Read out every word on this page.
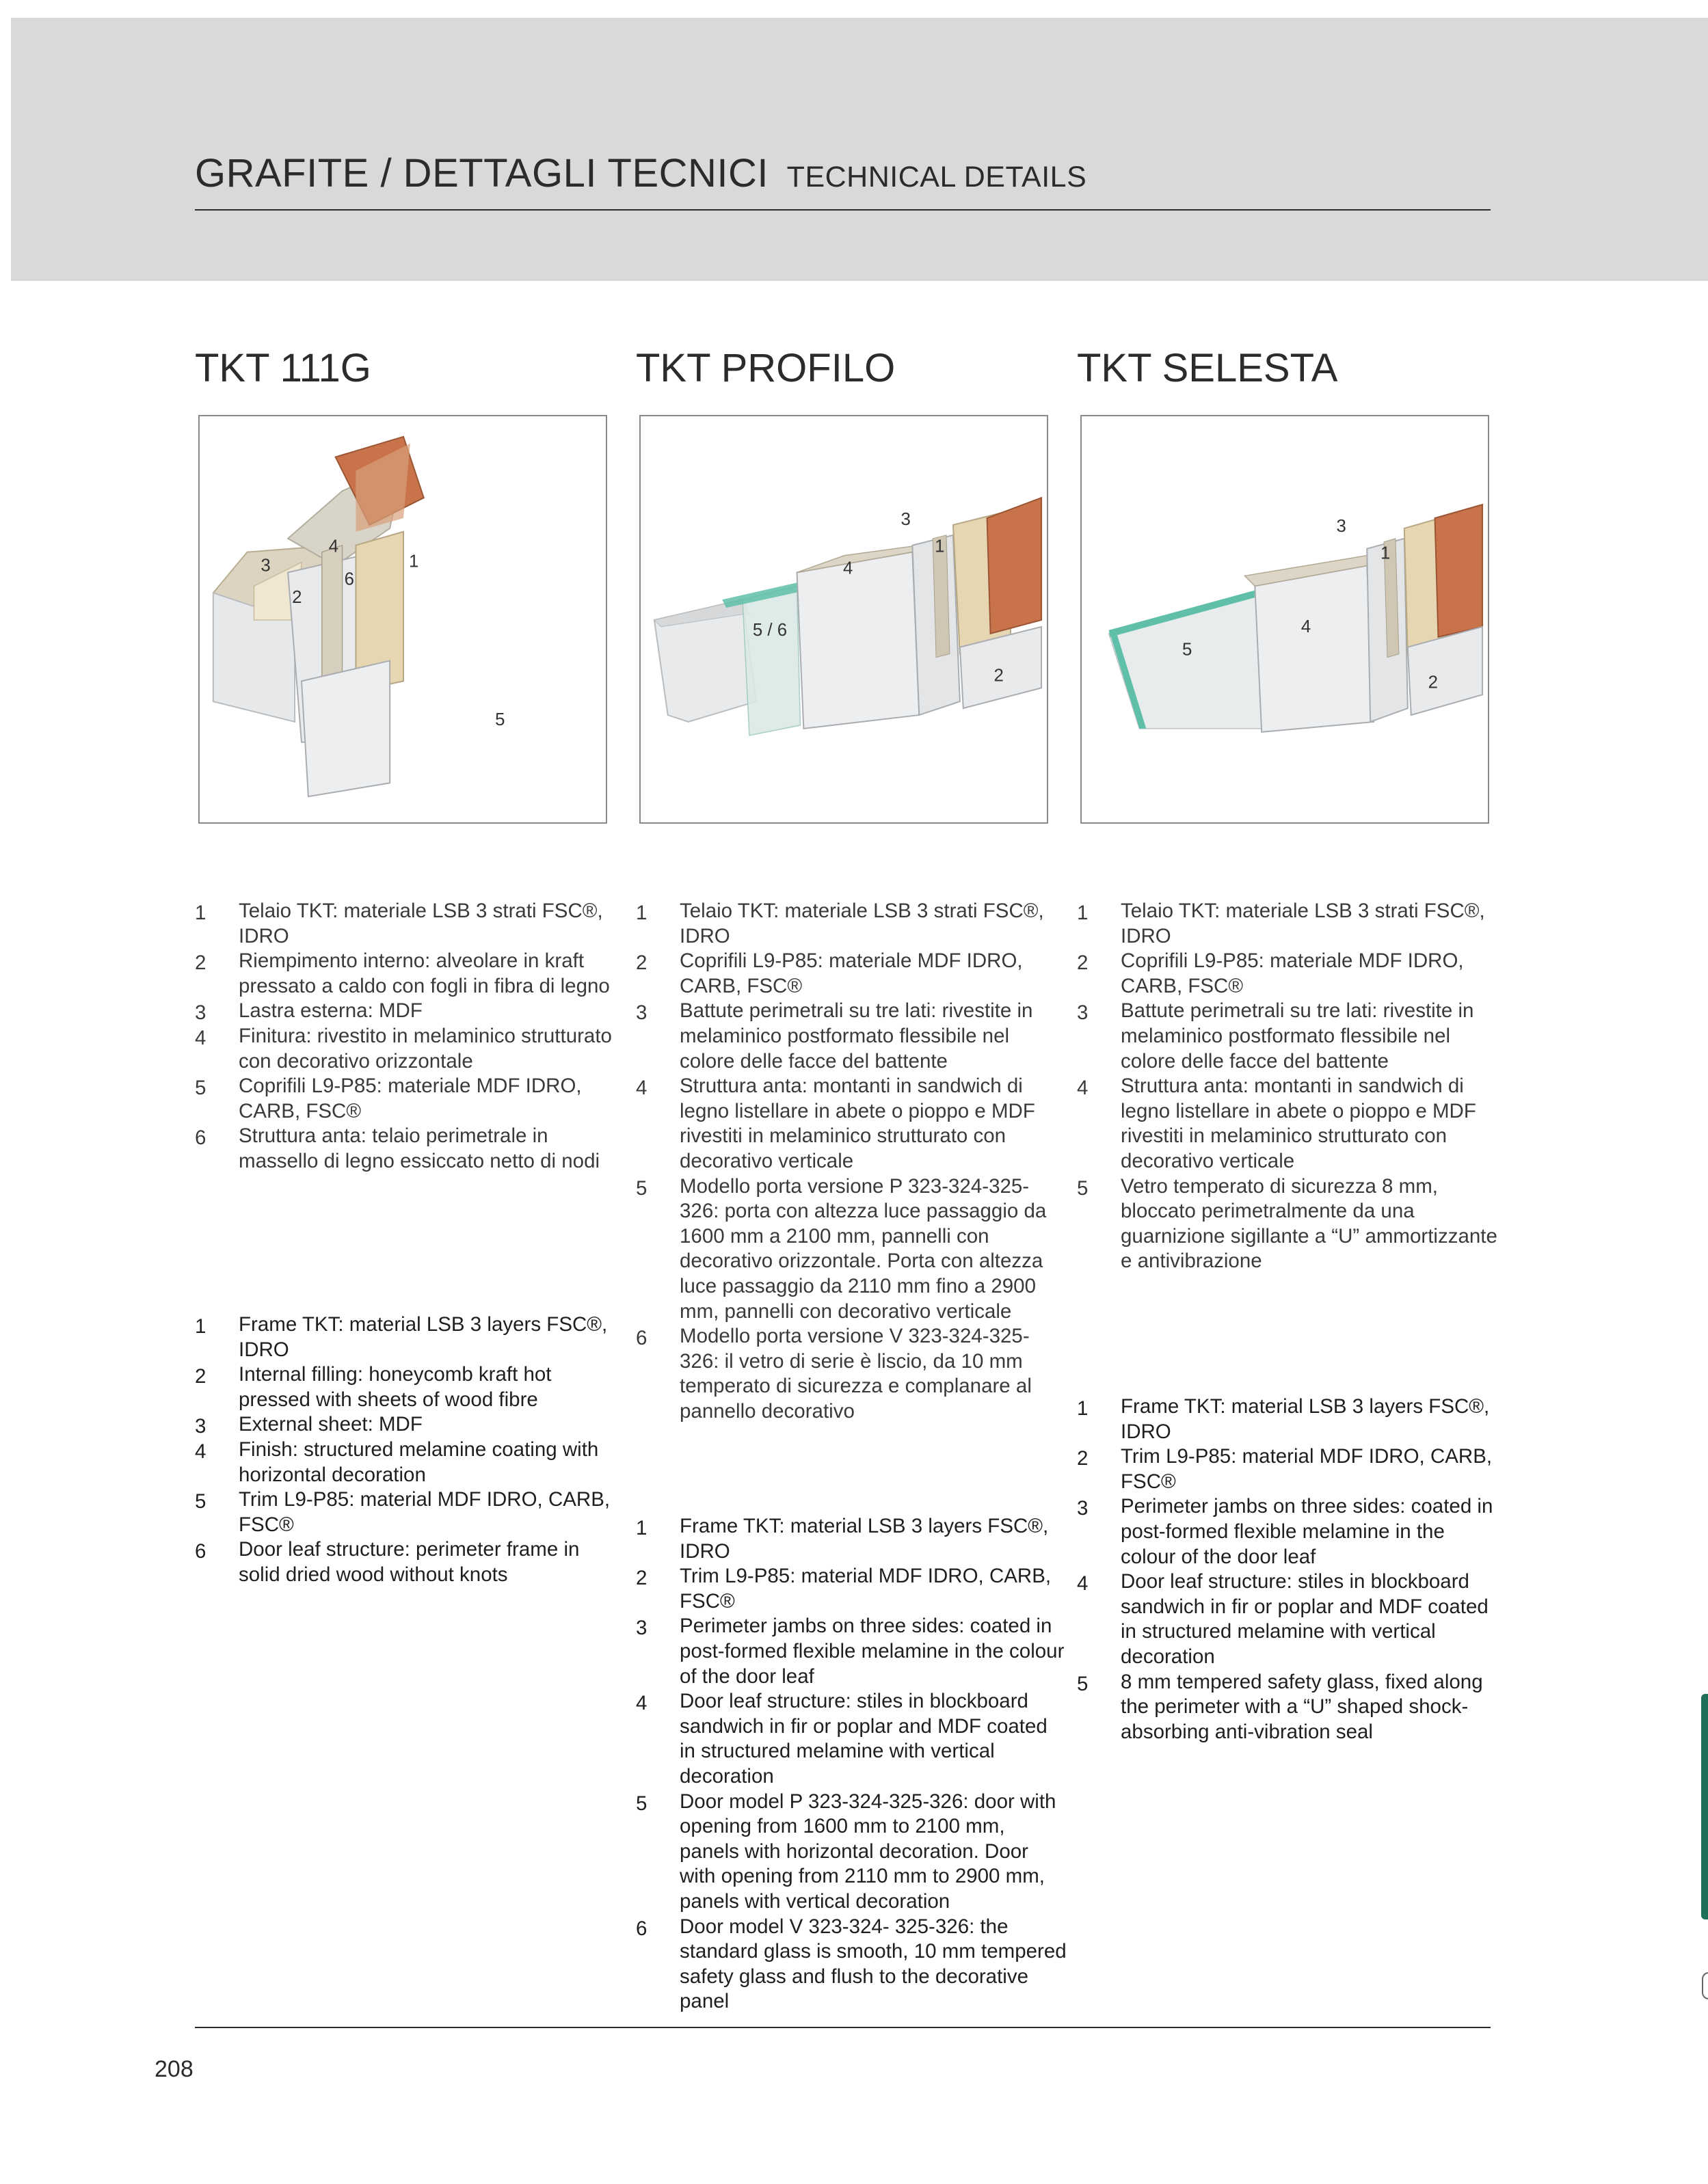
GRAFITE / DETTAGLI TECNICI TECHNICAL DETAILS
TKT 111G
3
4
2
6
1
5
1	Telaio TKT: materiale LSB 3 strati FSC®, IDRO
2	Riempimento interno: alveolare in kraft pressato a caldo con fogli in fibra di legno
3	Lastra esterna: MDF
4	Finitura: rivestito in melaminico strutturato con decorativo orizzontale
5	Coprifili L9-P85: materiale MDF IDRO, CARB, FSC®
6	Struttura anta: telaio perimetrale in massello di legno essiccato netto di nodi
1	Frame TKT: material LSB 3 layers FSC®, IDRO
2	Internal filling: honeycomb kraft hot pressed with sheets of wood fibre
3	External sheet: MDF
4	Finish: structured melamine coating with horizontal decoration
5	Trim L9-P85: material MDF IDRO, CARB, FSC®
6	Door leaf structure: perimeter frame in solid dried wood without knots
TKT PROFILO
3
1
4
5 / 6
2
1	Telaio TKT: materiale LSB 3 strati FSC®, IDRO
2	Coprifili L9-P85: materiale MDF IDRO, CARB, FSC®
3	Battute perimetrali su tre lati: rivestite in melaminico postformato flessibile nel colore delle facce del battente
4	Struttura anta: montanti in sandwich di legno listellare in abete o pioppo e MDF rivestiti in melaminico strutturato con decorativo verticale
5	Modello porta versione P 323-324-325-326: porta con altezza luce passaggio da 1600 mm a 2100 mm, pannelli con decorativo orizzontale. Porta con altezza luce passaggio da 2110 mm fino a 2900 mm, pannelli con decorativo verticale
6	Modello porta versione V 323-324-325-326: il vetro di serie è liscio, da 10 mm temperato di sicurezza e complanare al pannello decorativo
1	Frame TKT: material LSB 3 layers FSC®, IDRO
2	Trim L9-P85: material MDF IDRO, CARB, FSC®
3	Perimeter jambs on three sides: coated in post-formed flexible melamine in the colour of the door leaf
4	Door leaf structure: stiles in blockboard sandwich in fir or poplar and MDF coated in structured melamine with vertical decoration
5	Door model P 323-324-325-326: door with opening from 1600 mm to 2100 mm, panels with horizontal decoration. Door with opening from 2110 mm to 2900 mm, panels with vertical decoration
6	Door model V 323-324- 325-326: the standard glass is smooth, 10 mm tempered safety glass and flush to the decorative panel
TKT SELESTA
3
1
4
5
2
1	Telaio TKT: materiale LSB 3 strati FSC®, IDRO
2	Coprifili L9-P85: materiale MDF IDRO, CARB, FSC®
3	Battute perimetrali su tre lati: rivestite in melaminico postformato flessibile nel colore delle facce del battente
4	Struttura anta: montanti in sandwich di legno listellare in abete o pioppo e MDF rivestiti in melaminico strutturato con decorativo verticale
5	Vetro temperato di sicurezza 8 mm, bloccato perimetralmente da una guarnizione sigillante a “U” ammortizzante e antivibrazione
1	Frame TKT: material LSB 3 layers FSC®, IDRO
2	Trim L9-P85: material MDF IDRO, CARB, FSC®
3	Perimeter jambs on three sides: coated in post-formed flexible melamine in the colour of the door leaf
4	Door leaf structure: stiles in blockboard sandwich in fir or poplar and MDF coated in structured melamine with vertical decoration
5	8 mm tempered safety glass, fixed along the perimeter with a “U” shaped shock-absorbing anti-vibration seal
208
